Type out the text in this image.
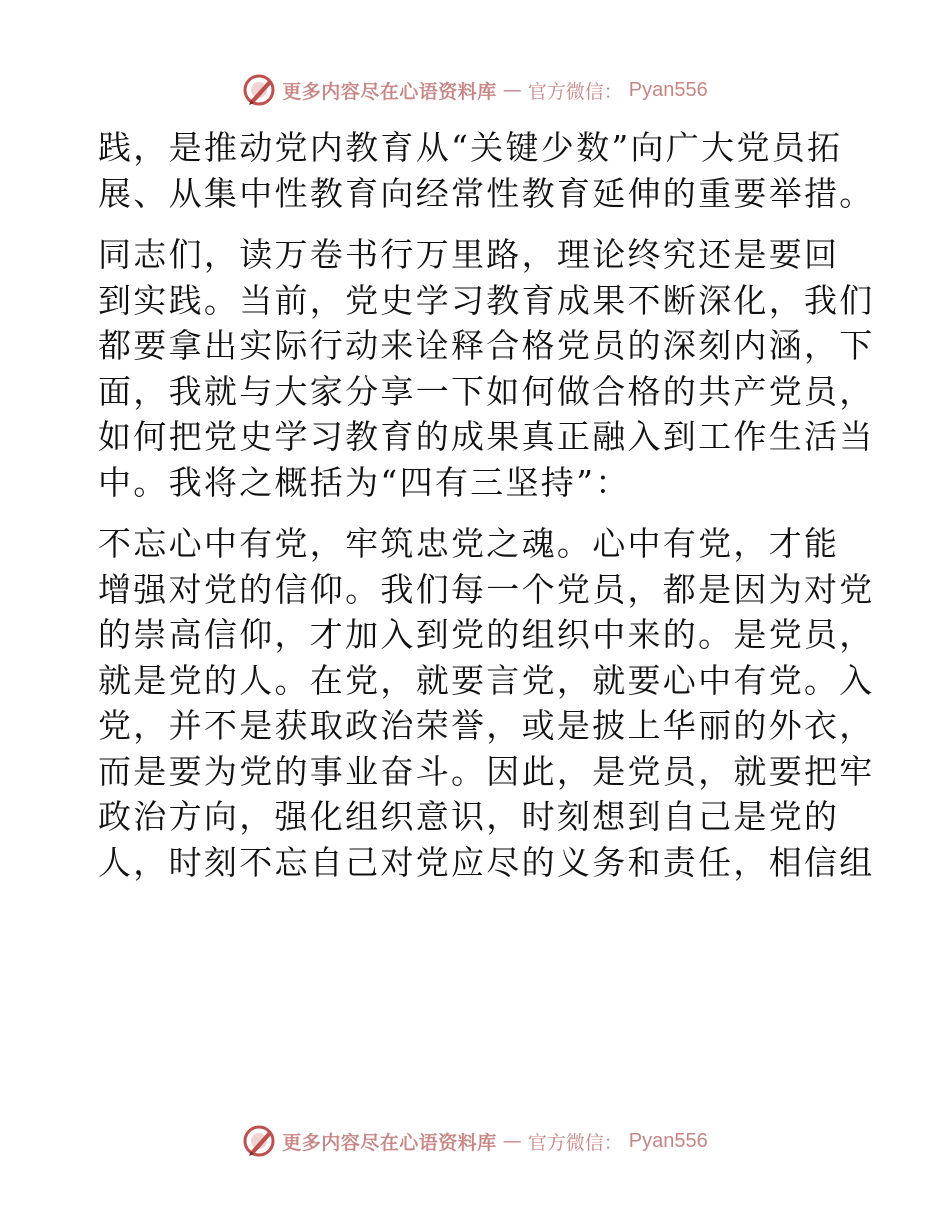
更多内容尽在心语资料库 — 官方微信： Pyan556
践，是推动党内教育从“关键少数”向广大党员拓
展、从集中性教育向经常性教育延伸的重要举措。
同志们，读万卷书行万里路，理论终究还是要回
到实践。当前，党史学习教育成果不断深化，我们
都要拿出实际行动来诠释合格党员的深刻内涵，下
面，我就与大家分享一下如何做合格的共产党员，
如何把党史学习教育的成果真正融入到工作生活当
中。我将之概括为“四有三坚持”：
不忘心中有党，牢筑忠党之魂。心中有党，才能
增强对党的信仰。我们每一个党员，都是因为对党
的崇高信仰，才加入到党的组织中来的。是党员，
就是党的人。在党，就要言党，就要心中有党。入
党，并不是获取政治荣誉，或是披上华丽的外衣，
而是要为党的事业奋斗。因此，是党员，就要把牢
政治方向，强化组织意识，时刻想到自己是党的
人，时刻不忘自己对党应尽的义务和责任，相信组
更多内容尽在心语资料库 — 官方微信： Pyan556
